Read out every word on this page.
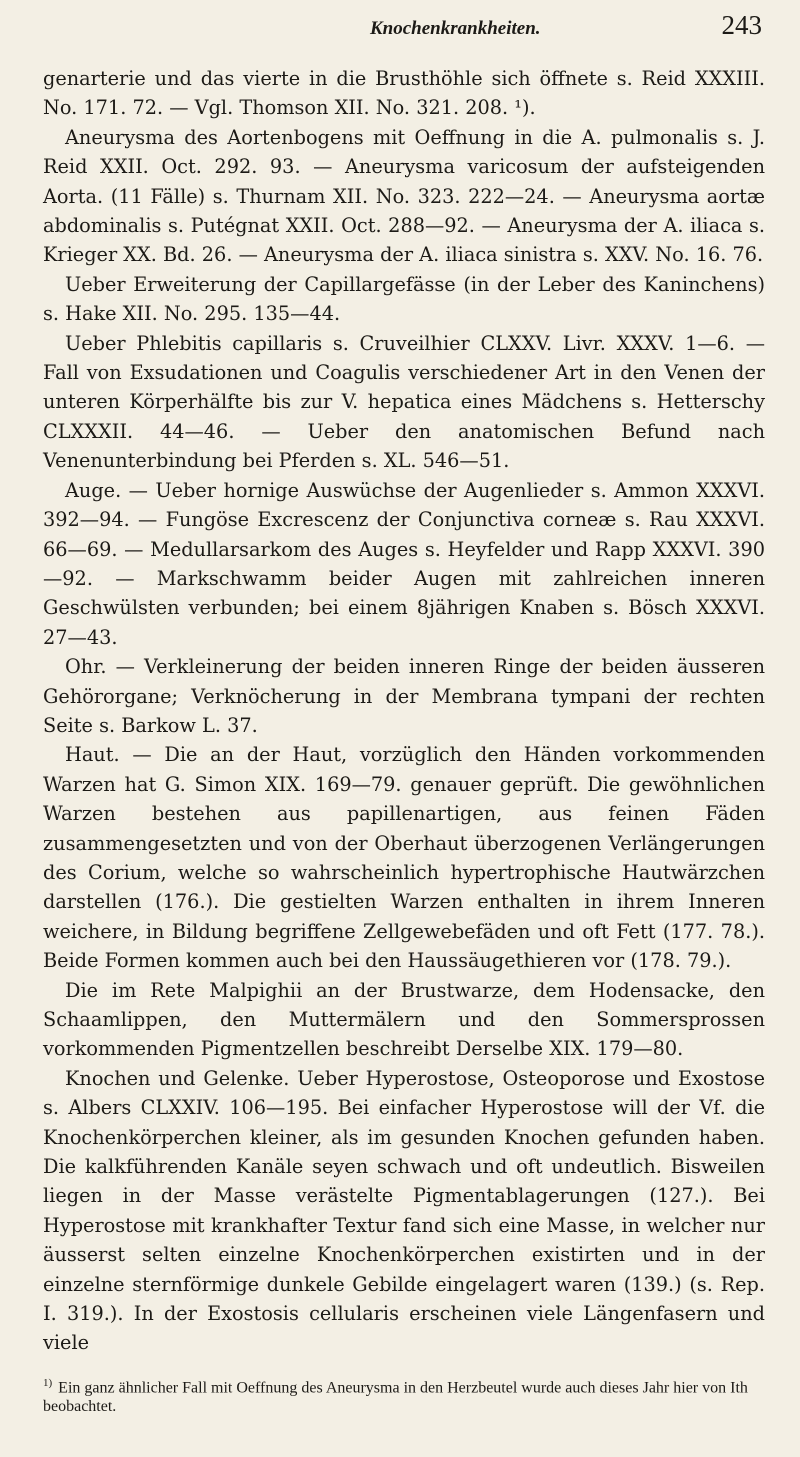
Knochenkrankheiten.	243

genarterie und das vierte in die Brusthöhle sich öffnete s. Reid XXXIII. No. 171. 72. — Vgl. Thomson XII. No. 321. 208. ¹).

Aneurysma des Aortenbogens mit Oeffnung in die A. pulmonalis s. J. Reid XXII. Oct. 292. 93. — Aneurysma varicosum der aufsteigenden Aorta. (11 Fälle) s. Thurnam XII. No. 323. 222—24. — Aneurysma aortæ abdominalis s. Putégnat XXII. Oct. 288—92. — Aneurysma der A. iliaca s. Krieger XX. Bd. 26. — Aneurysma der A. iliaca sinistra s. XXV. No. 16. 76.

Ueber Erweiterung der Capillargefässe (in der Leber des Kaninchens) s. Hake XII. No. 295. 135—44.

Ueber Phlebitis capillaris s. Cruveilhier CLXXV. Livr. XXXV. 1—6. — Fall von Exsudationen und Coagulis verschiedener Art in den Venen der unteren Körperhälfte bis zur V. hepatica eines Mädchens s. Hetterschy CLXXXII. 44—46. — Ueber den anatomischen Befund nach Venenunterbindung bei Pferden s. XL. 546—51.

Auge. — Ueber hornige Auswüchse der Augenlieder s. Ammon XXXVI. 392—94. — Fungöse Excrescenz der Conjunctiva corneæ s. Rau XXXVI. 66—69. — Medullarsarkom des Auges s. Heyfelder und Rapp XXXVI. 390—92. — Markschwamm beider Augen mit zahlreichen inneren Geschwülsten verbunden; bei einem 8jährigen Knaben s. Bösch XXXVI. 27—43.

Ohr. — Verkleinerung der beiden inneren Ringe der beiden äusseren Gehörorgane; Verknöcherung in der Membrana tympani der rechten Seite s. Barkow L. 37.

Haut. — Die an der Haut, vorzüglich den Händen vorkommenden Warzen hat G. Simon XIX. 169—79. genauer geprüft. Die gewöhnlichen Warzen bestehen aus papillenartigen, aus feinen Fäden zusammengesetzten und von der Oberhaut überzogenen Verlängerungen des Corium, welche so wahrscheinlich hypertrophische Hautwärzchen darstellen (176.). Die gestielten Warzen enthalten in ihrem Inneren weichere, in Bildung begriffene Zellgewebefäden und oft Fett (177. 78.). Beide Formen kommen auch bei den Haussäugethieren vor (178. 79.).

Die im Rete Malpighii an der Brustwarze, dem Hodensacke, den Schaamlippen, den Muttermälern und den Sommersprossen vorkommenden Pigmentzellen beschreibt Derselbe XIX. 179—80.

Knochen und Gelenke. Ueber Hyperostose, Osteoporose und Exostose s. Albers CLXXIV. 106—195. Bei einfacher Hyperostose will der Vf. die Knochenkörperchen kleiner, als im gesunden Knochen gefunden haben. Die kalkführenden Kanäle seyen schwach und oft undeutlich. Bisweilen liegen in der Masse verästelte Pigmentablagerungen (127.). Bei Hyperostose mit krankhafter Textur fand sich eine Masse, in welcher nur äusserst selten einzelne Knochenkörperchen existirten und in der einzelne sternförmige dunkele Gebilde eingelagert waren (139.) (s. Rep. I. 319.). In der Exostosis cellularis erscheinen viele Längenfasern und viele

$^{1)}$ Ein ganz ähnlicher Fall mit Oeffnung des Aneurysma in den Herzbeutel wurde auch dieses Jahr hier von Ith beobachtet.
